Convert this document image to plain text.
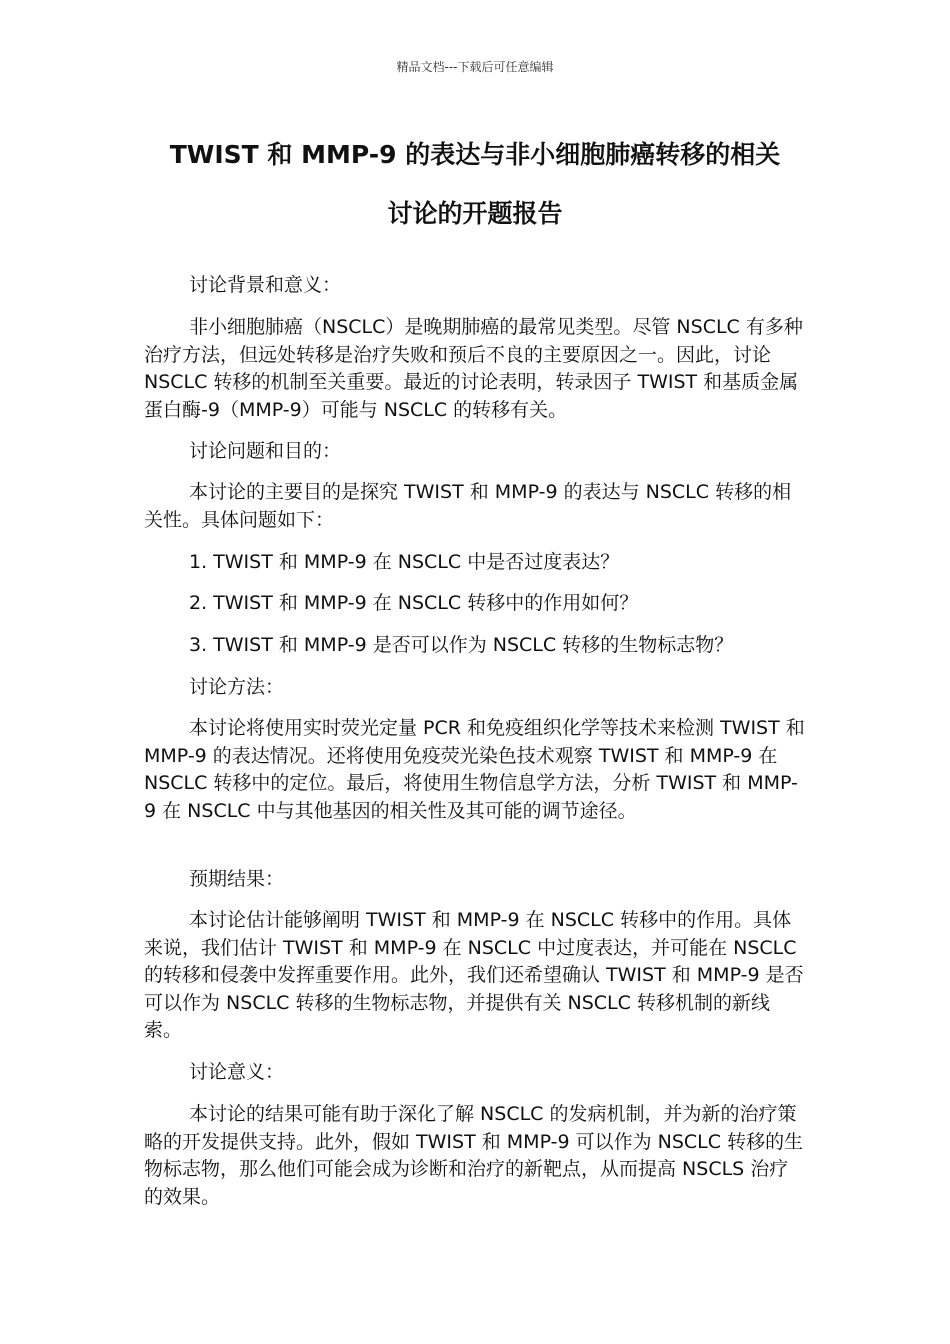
精品文档---下载后可任意编辑
TWIST 和 MMP-9 的表达与非小细胞肺癌转移的相关
讨论的开题报告

讨论背景和意义：

非小细胞肺癌（NSCLC）是晚期肺癌的最常见类型。尽管 NSCLC 有多种治疗方法，但远处转移是治疗失败和预后不良的主要原因之一。因此，讨论 NSCLC 转移的机制至关重要。最近的讨论表明，转录因子 TWIST 和基质金属蛋白酶-9（MMP-9）可能与 NSCLC 的转移有关。

讨论问题和目的：

本讨论的主要目的是探究 TWIST 和 MMP-9 的表达与 NSCLC 转移的相关性。具体问题如下：

1. TWIST 和 MMP-9 在 NSCLC 中是否过度表达？

2. TWIST 和 MMP-9 在 NSCLC 转移中的作用如何？

3. TWIST 和 MMP-9 是否可以作为 NSCLC 转移的生物标志物？

讨论方法：

本讨论将使用实时荧光定量 PCR 和免疫组织化学等技术来检测 TWIST 和 MMP-9 的表达情况。还将使用免疫荧光染色技术观察 TWIST 和 MMP-9 在 NSCLC 转移中的定位。最后，将使用生物信息学方法，分析 TWIST 和 MMP-9 在 NSCLC 中与其他基因的相关性及其可能的调节途径。

预期结果：

本讨论估计能够阐明 TWIST 和 MMP-9 在 NSCLC 转移中的作用。具体来说，我们估计 TWIST 和 MMP-9 在 NSCLC 中过度表达，并可能在 NSCLC 的转移和侵袭中发挥重要作用。此外，我们还希望确认 TWIST 和 MMP-9 是否可以作为 NSCLC 转移的生物标志物，并提供有关 NSCLC 转移机制的新线索。

讨论意义：

本讨论的结果可能有助于深化了解 NSCLC 的发病机制，并为新的治疗策略的开发提供支持。此外，假如 TWIST 和 MMP-9 可以作为 NSCLC 转移的生物标志物，那么他们可能会成为诊断和治疗的新靶点，从而提高 NSCLS 治疗的效果。
